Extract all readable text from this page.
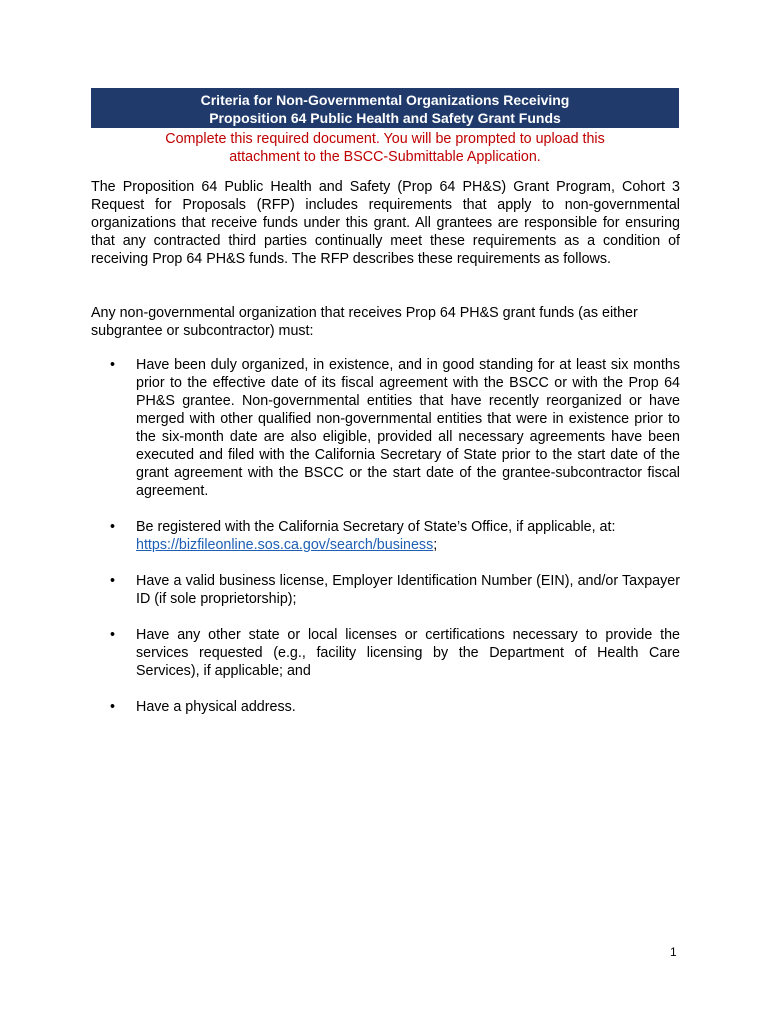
Criteria for Non-Governmental Organizations Receiving
Proposition 64 Public Health and Safety Grant Funds
Complete this required document. You will be prompted to upload this
attachment to the BSCC-Submittable Application.

The Proposition 64 Public Health and Safety (Prop 64 PH&S) Grant Program, Cohort 3 Request for Proposals (RFP) includes requirements that apply to non-governmental organizations that receive funds under this grant. All grantees are responsible for ensuring that any contracted third parties continually meet these requirements as a condition of receiving Prop 64 PH&S funds. The RFP describes these requirements as follows.

Any non-governmental organization that receives Prop 64 PH&S grant funds (as either subgrantee or subcontractor) must:

• Have been duly organized, in existence, and in good standing for at least six months prior to the effective date of its fiscal agreement with the BSCC or with the Prop 64 PH&S grantee. Non-governmental entities that have recently reorganized or have merged with other qualified non-governmental entities that were in existence prior to the six-month date are also eligible, provided all necessary agreements have been executed and filed with the California Secretary of State prior to the start date of the grant agreement with the BSCC or the start date of the grantee-subcontractor fiscal agreement.
• Be registered with the California Secretary of State’s Office, if applicable, at:
https://bizfileonline.sos.ca.gov/search/business;
• Have a valid business license, Employer Identification Number (EIN), and/or Taxpayer ID (if sole proprietorship);
• Have any other state or local licenses or certifications necessary to provide the services requested (e.g., facility licensing by the Department of Health Care Services), if applicable; and
• Have a physical address.
1
